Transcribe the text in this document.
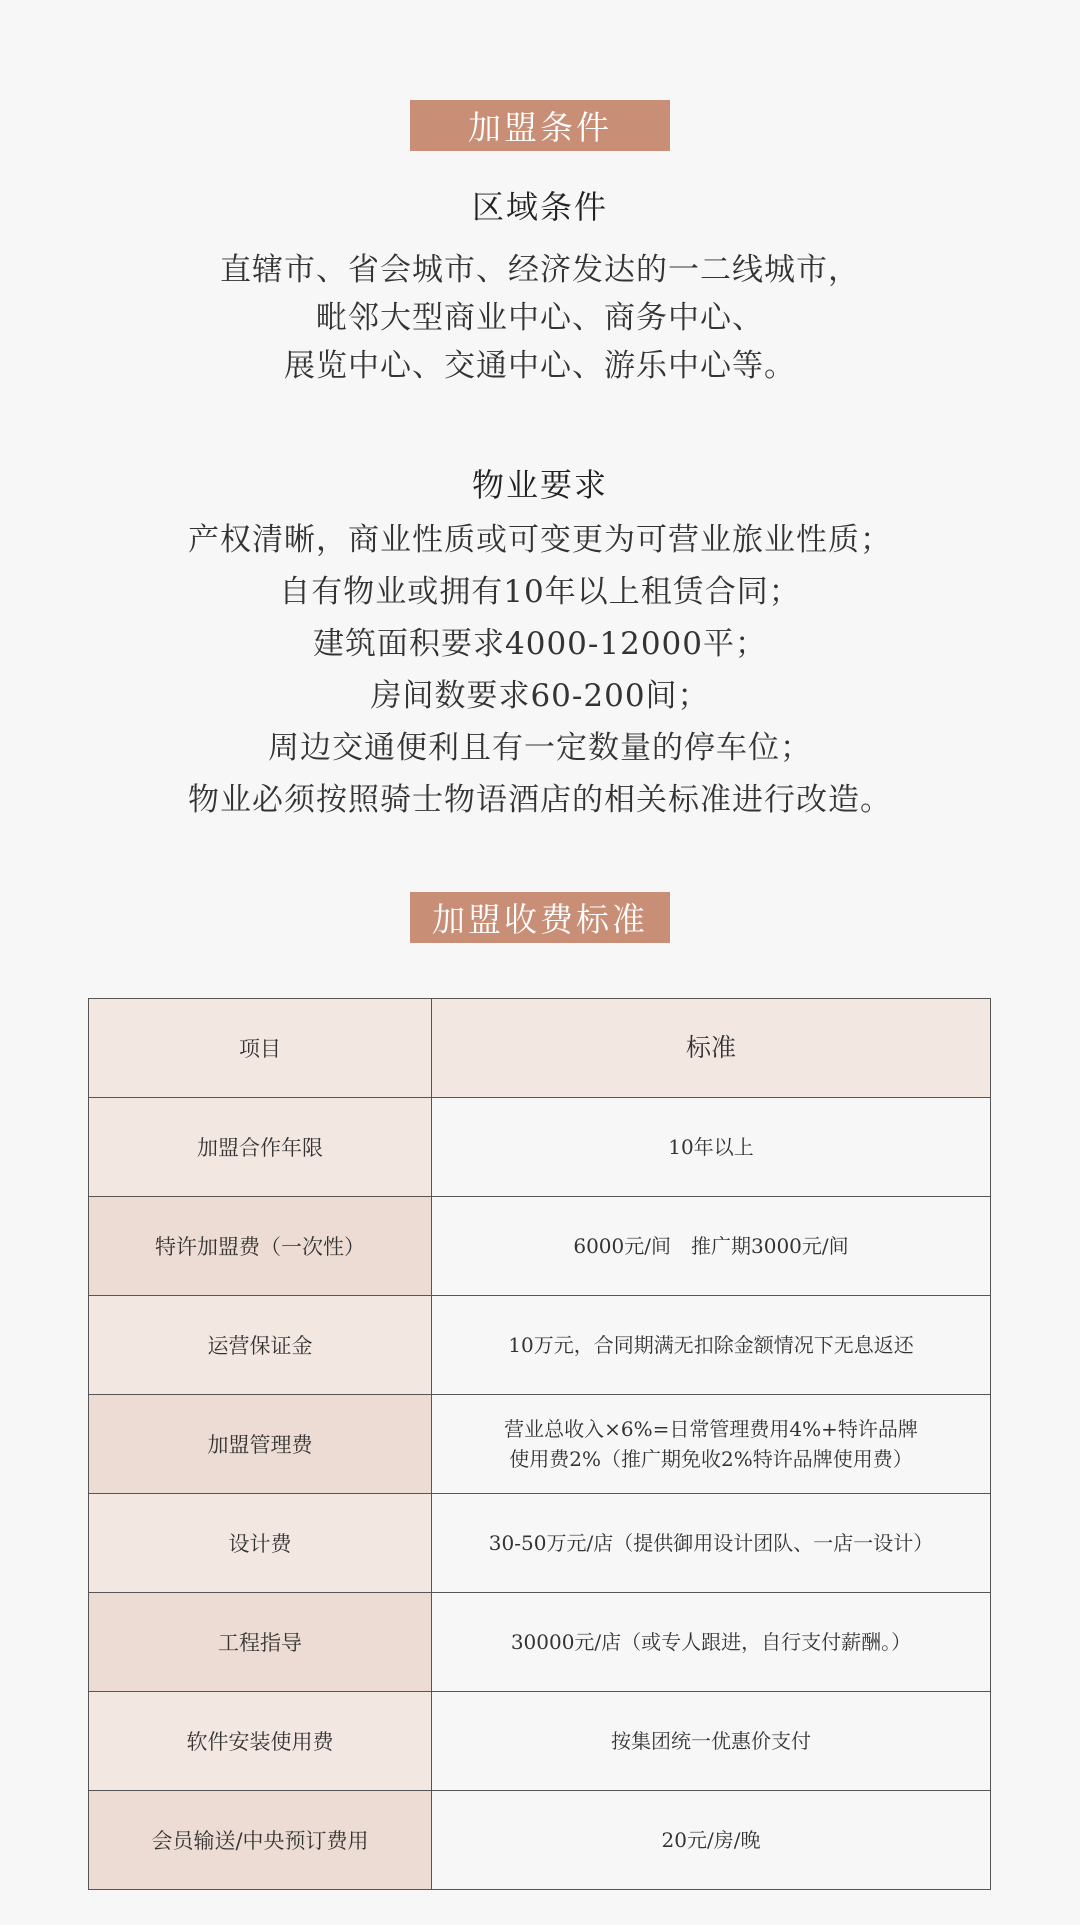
加盟条件
区域条件
直辖市、省会城市、经济发达的一二线城市，
毗邻大型商业中心、商务中心、
展览中心、交通中心、游乐中心等。
物业要求
产权清晰，商业性质或可变更为可营业旅业性质；
自有物业或拥有10年以上租赁合同；
建筑面积要求4000-12000平；
房间数要求60-200间；
周边交通便利且有一定数量的停车位；
物业必须按照骑士物语酒店的相关标准进行改造。
加盟收费标准
项目	标准
加盟合作年限	10年以上

特许加盟费（一次性）	6000元/间　推广期3000元/间

运营保证金	10万元，合同期满无扣除金额情况下无息返还

加盟管理费	营业总收入×6%=日常管理费用4%+特许品牌
使用费2%（推广期免收2%特许品牌使用费）

设计费	30-50万元/店（提供御用设计团队、一店一设计）

工程指导	30000元/店（或专人跟进，自行支付薪酬。）

软件安装使用费	按集团统一优惠价支付

会员输送/中央预订费用	20元/房/晚
